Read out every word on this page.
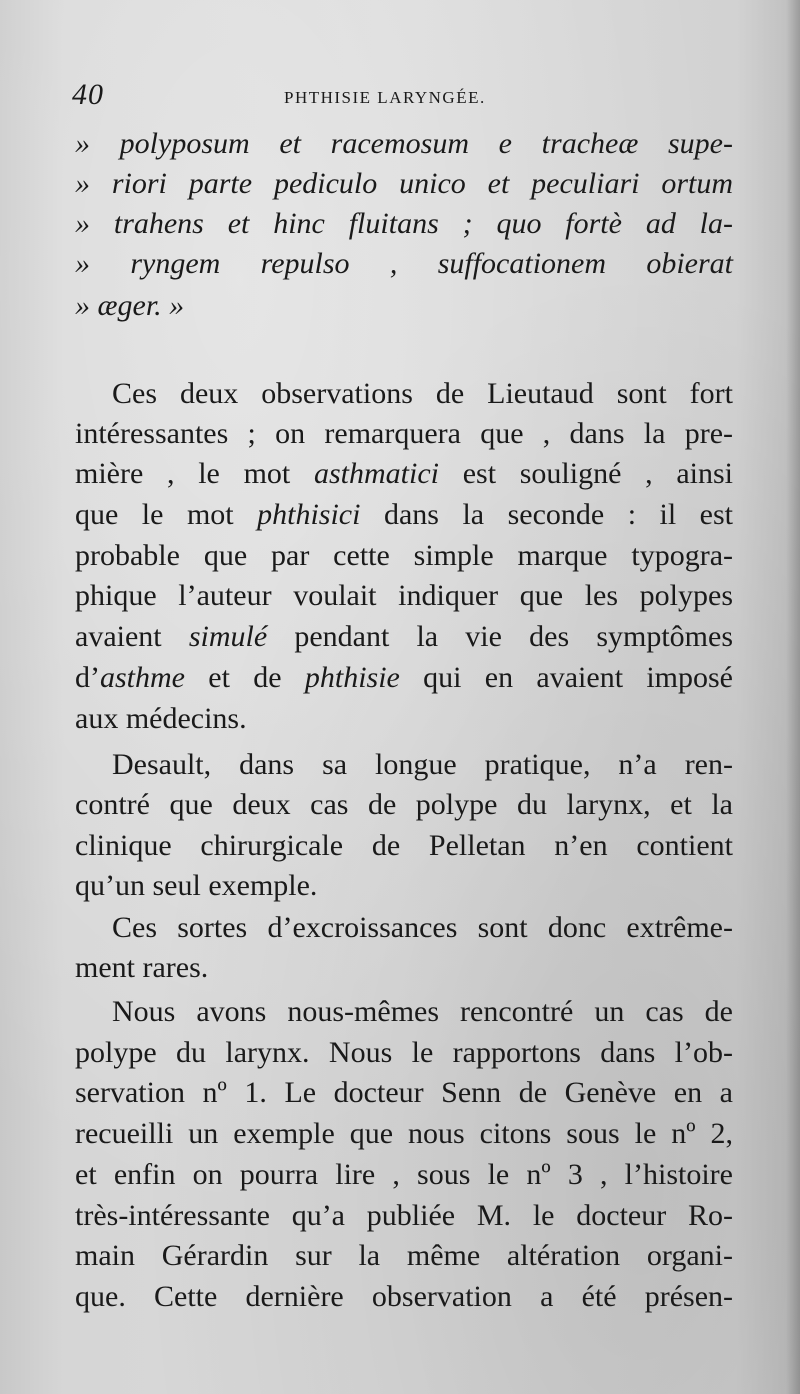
40	PHTHISIE LARYNGÉE.
» polyposum et racemosum e tracheæ supe-
» riori parte pediculo unico et peculiari ortum
» trahens et hinc fluitans ; quo fortè ad la-
» ryngem repulso , suffocationem obierat
» æger. »
Ces deux observations de Lieutaud sont fort
intéressantes ; on remarquera que , dans la pre-
mière , le mot asthmatici est souligné , ainsi
que le mot phthisici dans la seconde : il est
probable que par cette simple marque typogra-
phique l’auteur voulait indiquer que les polypes
avaient simulé pendant la vie des symptômes
d’asthme et de phthisie qui en avaient imposé
aux médecins.
Desault, dans sa longue pratique, n’a ren-
contré que deux cas de polype du larynx, et la
clinique chirurgicale de Pelletan n’en contient
qu’un seul exemple.
Ces sortes d’excroissances sont donc extrême-
ment rares.
Nous avons nous-mêmes rencontré un cas de
polype du larynx. Nous le rapportons dans l’ob-
servation nº 1. Le docteur Senn de Genève en a
recueilli un exemple que nous citons sous le nº 2,
et enfin on pourra lire , sous le nº 3 , l’histoire
très-intéressante qu’a publiée M. le docteur Ro-
main Gérardin sur la même altération organi-
que. Cette dernière observation a été présen-
